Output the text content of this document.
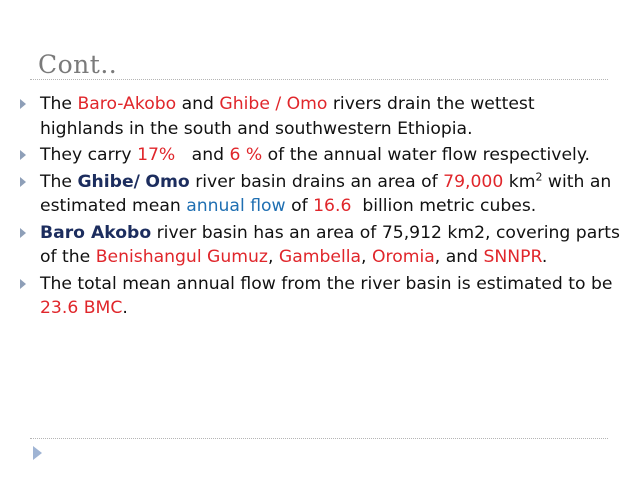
Cont..
The Baro-Akobo and Ghibe / Omo rivers drain the wettest highlands in the south and southwestern Ethiopia.
They carry 17%   and 6 % of the annual water flow respectively.
The Ghibe/ Omo river basin drains an area of 79,000 $km^2$ with an estimated mean annual flow of 16.6  billion metric cubes.
Baro Akobo river basin has an area of 75,912 km2, covering parts of the Benishangul Gumuz, Gambella, Oromia, and SNNPR.
The total mean annual flow from the river basin is estimated to be 23.6 BMC.
